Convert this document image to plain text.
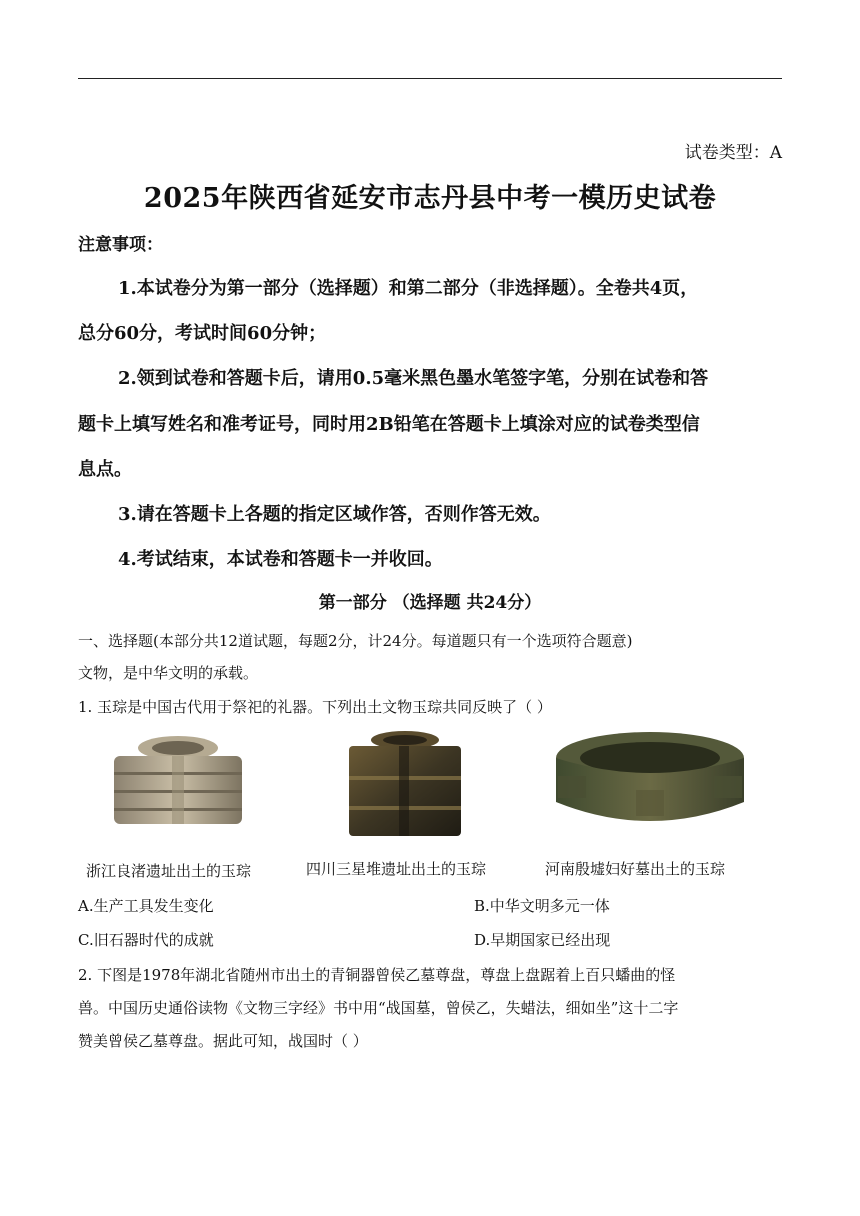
试卷类型：A
2025年陕西省延安市志丹县中考一模历史试卷
注意事项：
1.本试卷分为第一部分（选择题）和第二部分（非选择题）。全卷共4页，
总分60分，考试时间60分钟；
2.领到试卷和答题卡后，请用0.5毫米黑色墨水笔签字笔，分别在试卷和答
题卡上填写姓名和准考证号，同时用2B铅笔在答题卡上填涂对应的试卷类型信
息点。
3.请在答题卡上各题的指定区域作答，否则作答无效。
4.考试结束，本试卷和答题卡一并收回。
第一部分 （选择题 共24分）
一、选择题(本部分共12道试题，每题2分，计24分。每道题只有一个选项符合题意)
文物，是中华文明的承载。
1. 玉琮是中国古代用于祭祀的礼器。下列出土文物玉琮共同反映了（ ）
浙江良渚遗址出土的玉琮	四川三星堆遗址出土的玉琮	河南殷墟妇好墓出土的玉琮
A.生产工具发生变化	B.中华文明多元一体
C.旧石器时代的成就	D.早期国家已经出现
2. 下图是1978年湖北省随州市出土的青铜器曾侯乙墓尊盘，尊盘上盘踞着上百只蟠曲的怪
兽。中国历史通俗读物《文物三字经》书中用“战国墓，曾侯乙，失蜡法，细如坐”这十二字
赞美曾侯乙墓尊盘。据此可知，战国时（ ）
